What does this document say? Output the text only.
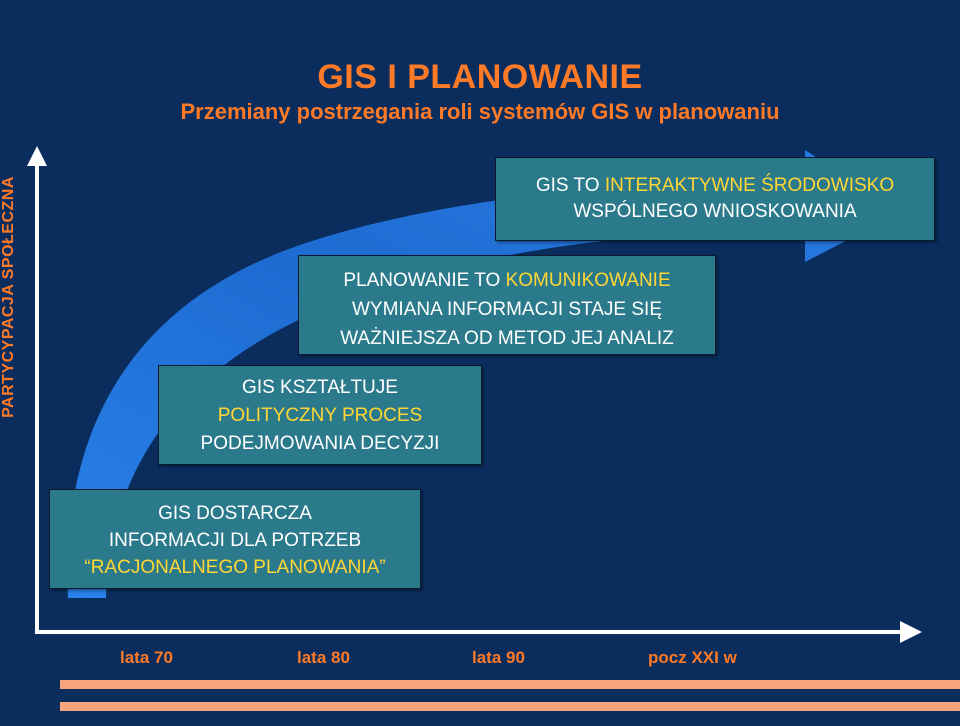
GIS I PLANOWANIE
Przemiany postrzegania roli systemów GIS w planowaniu
PARTYCYPACJA SPOŁECZNA	GIS TO INTERAKTYWNE ŚRODOWISKO
WSPÓLNEGO WNIOSKOWANIA
PLANOWANIE TO KOMUNIKOWANIE
WYMIANA INFORMACJI STAJE SIĘ
WAŻNIEJSZA OD METOD JEJ ANALIZ
GIS KSZTAŁTUJE
POLITYCZNY PROCES
PODEJMOWANIA DECYZJI
GIS DOSTARCZA
INFORMACJI DLA POTRZEB
“RACJONALNEGO PLANOWANIA”
lata 70	lata 80	lata 90	pocz XXI w
